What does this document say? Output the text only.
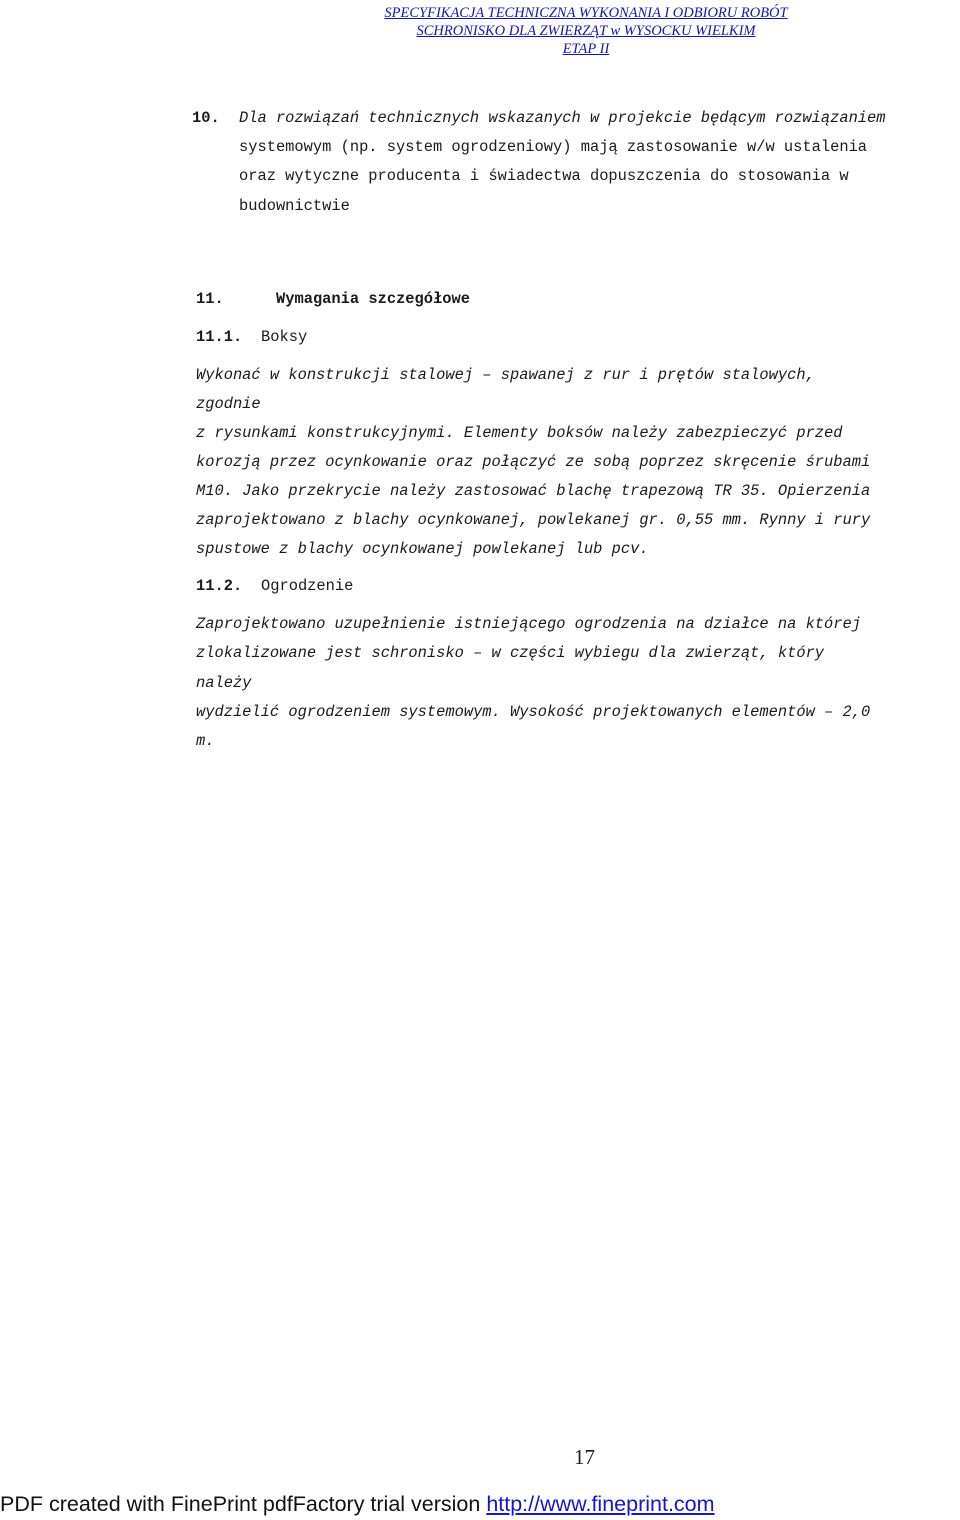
SPECYFIKACJA TECHNICZNA WYKONANIA I ODBIORU ROBÓT
SCHRONISKO DLA ZWIERZĄT w WYSOCKU WIELKIM
ETAP II
10. Dla rozwiązań technicznych wskazanych w projekcie będącym rozwiązaniem
systemowym (np. system ogrodzeniowy) mają zastosowanie w/w ustalenia
oraz wytyczne producenta i świadectwa dopuszczenia do stosowania w
budownictwie
11.	Wymagania szczegółowe
11.1. Boksy
Wykonać w konstrukcji stalowej – spawanej z rur i prętów stalowych,
zgodnie
z rysunkami konstrukcyjnymi. Elementy boksów należy zabezpieczyć przed
korozją przez ocynkowanie oraz połączyć ze sobą poprzez skręcenie śrubami
M10. Jako przekrycie należy zastosować blachę trapezową TR 35. Opierzenia
zaprojektowano z blachy ocynkowanej, powlekanej gr. 0,55 mm. Rynny i rury
spustowe z blachy ocynkowanej powlekanej lub pcv.
11.2. Ogrodzenie
Zaprojektowano uzupełnienie istniejącego ogrodzenia na działce na której
zlokalizowane jest schronisko – w części wybiegu dla zwierząt, który
należy
wydzielić ogrodzeniem systemowym. Wysokość projektowanych elementów – 2,0
m.
17
PDF created with FinePrint pdfFactory trial version http://www.fineprint.com
